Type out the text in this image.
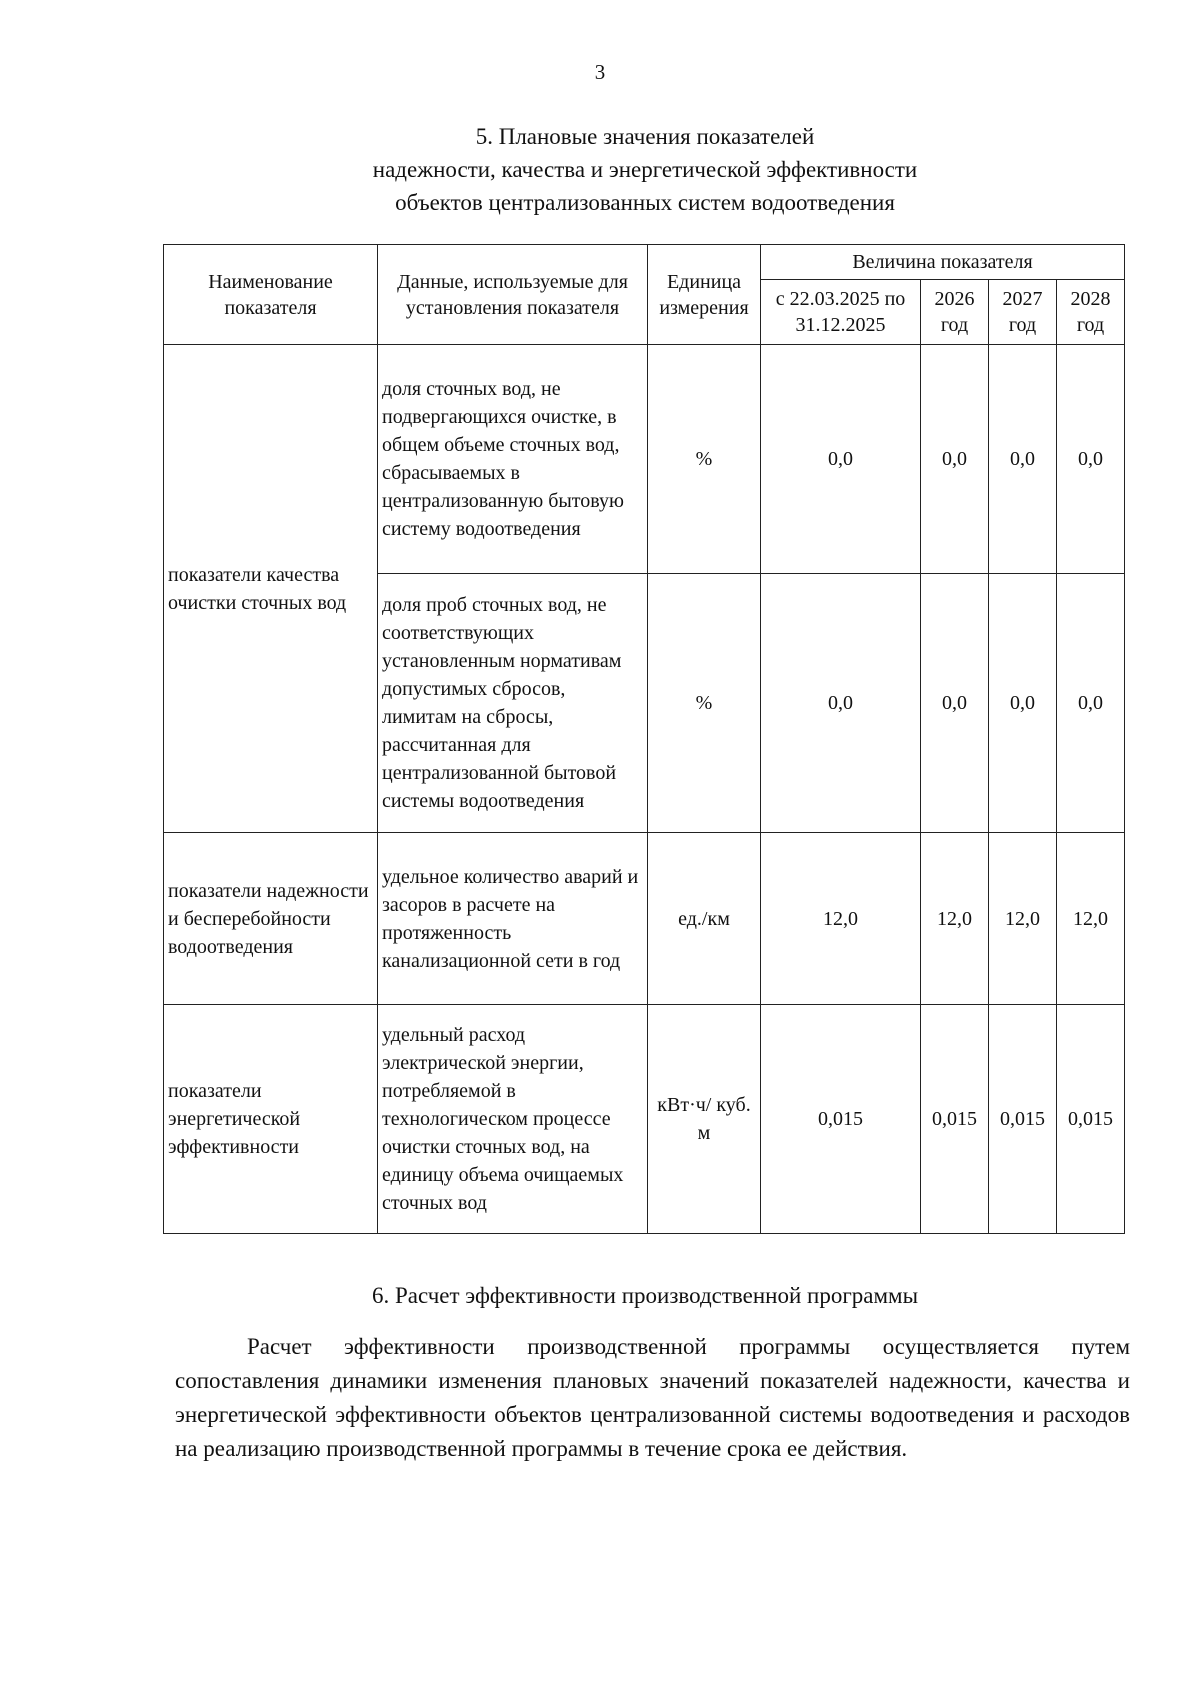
3
5. Плановые значения показателей
надежности, качества и энергетической эффективности
объектов централизованных систем водоотведения
Наименование показателя	Данные, используемые для установления показателя	Единица измерения	Величина показателя			
			с 22.03.2025 по 31.12.2025	2026 год	2027 год	2028 год
показатели качества очистки сточных вод	доля сточных вод, не подвергающихся очистке, в общем объеме сточных вод, сбрасываемых в централизованную бытовую систему водоотведения	%	0,0	0,0	0,0	0,0
	доля проб сточных вод, не соответствующих установленным нормативам допустимых сбросов, лимитам на сбросы, рассчитанная для централизованной бытовой системы водоотведения	%	0,0	0,0	0,0	0,0
показатели надежности и бесперебойности водоотведения	удельное количество аварий и засоров в расчете на протяженность канализационной сети в год	ед./км	12,0	12,0	12,0	12,0
показатели энергетической эффективности	удельный расход электрической энергии, потребляемой в технологическом процессе очистки сточных вод, на единицу объема очищаемых сточных вод	кВт·ч/ куб. м	0,015	0,015	0,015	0,015
6. Расчет эффективности производственной программы

Расчет эффективности производственной программы осуществляется путем сопоставления динамики изменения плановых значений показателей надежности, качества и энергетической эффективности объектов централизованной системы водоотведения и расходов на реализацию производственной программы в течение срока ее действия.
